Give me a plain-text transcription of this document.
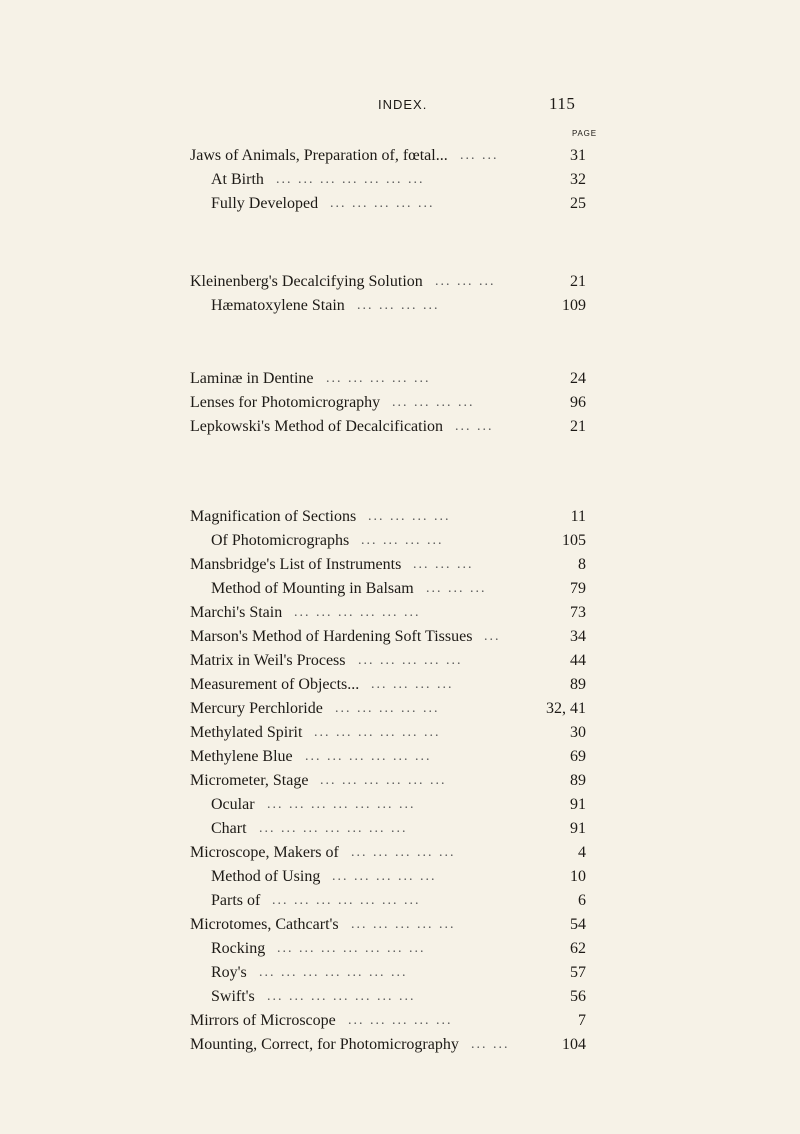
INDEX.	115
PAGE
Jaws of Animals, Preparation of, fœtal... ... ...	31
At Birth ... ... ... ... ... ... ...	32
Fully Developed ... ... ... ... ...	25
Kleinenberg's Decalcifying Solution ... ... ...	21
Hæmatoxylene Stain ... ... ... ...	109
Laminæ in Dentine ... ... ... ... ...	24
Lenses for Photomicrography ... ... ... ...	96
Lepkowski's Method of Decalcification ... ...	21
Magnification of Sections ... ... ... ...	11
Of Photomicrographs ... ... ... ...	105
Mansbridge's List of Instruments ... ... ...	8
Method of Mounting in Balsam ... ... ...	79
Marchi's Stain ... ... ... ... ... ...	73
Marson's Method of Hardening Soft Tissues ...	34
Matrix in Weil's Process ... ... ... ... ...	44
Measurement of Objects... ... ... ... ...	89
Mercury Perchloride ... ... ... ... ...	32, 41
Methylated Spirit ... ... ... ... ... ...	30
Methylene Blue ... ... ... ... ... ...	69
Micrometer, Stage ... ... ... ... ... ...	89
Ocular ... ... ... ... ... ... ...	91
Chart ... ... ... ... ... ... ...	91
Microscope, Makers of ... ... ... ... ...	4
Method of Using ... ... ... ... ...	10
Parts of ... ... ... ... ... ... ...	6
Microtomes, Cathcart's ... ... ... ... ...	54
Rocking ... ... ... ... ... ... ...	62
Roy's ... ... ... ... ... ... ...	57
Swift's ... ... ... ... ... ... ...	56
Mirrors of Microscope ... ... ... ... ...	7
Mounting, Correct, for Photomicrography ... ...	104
